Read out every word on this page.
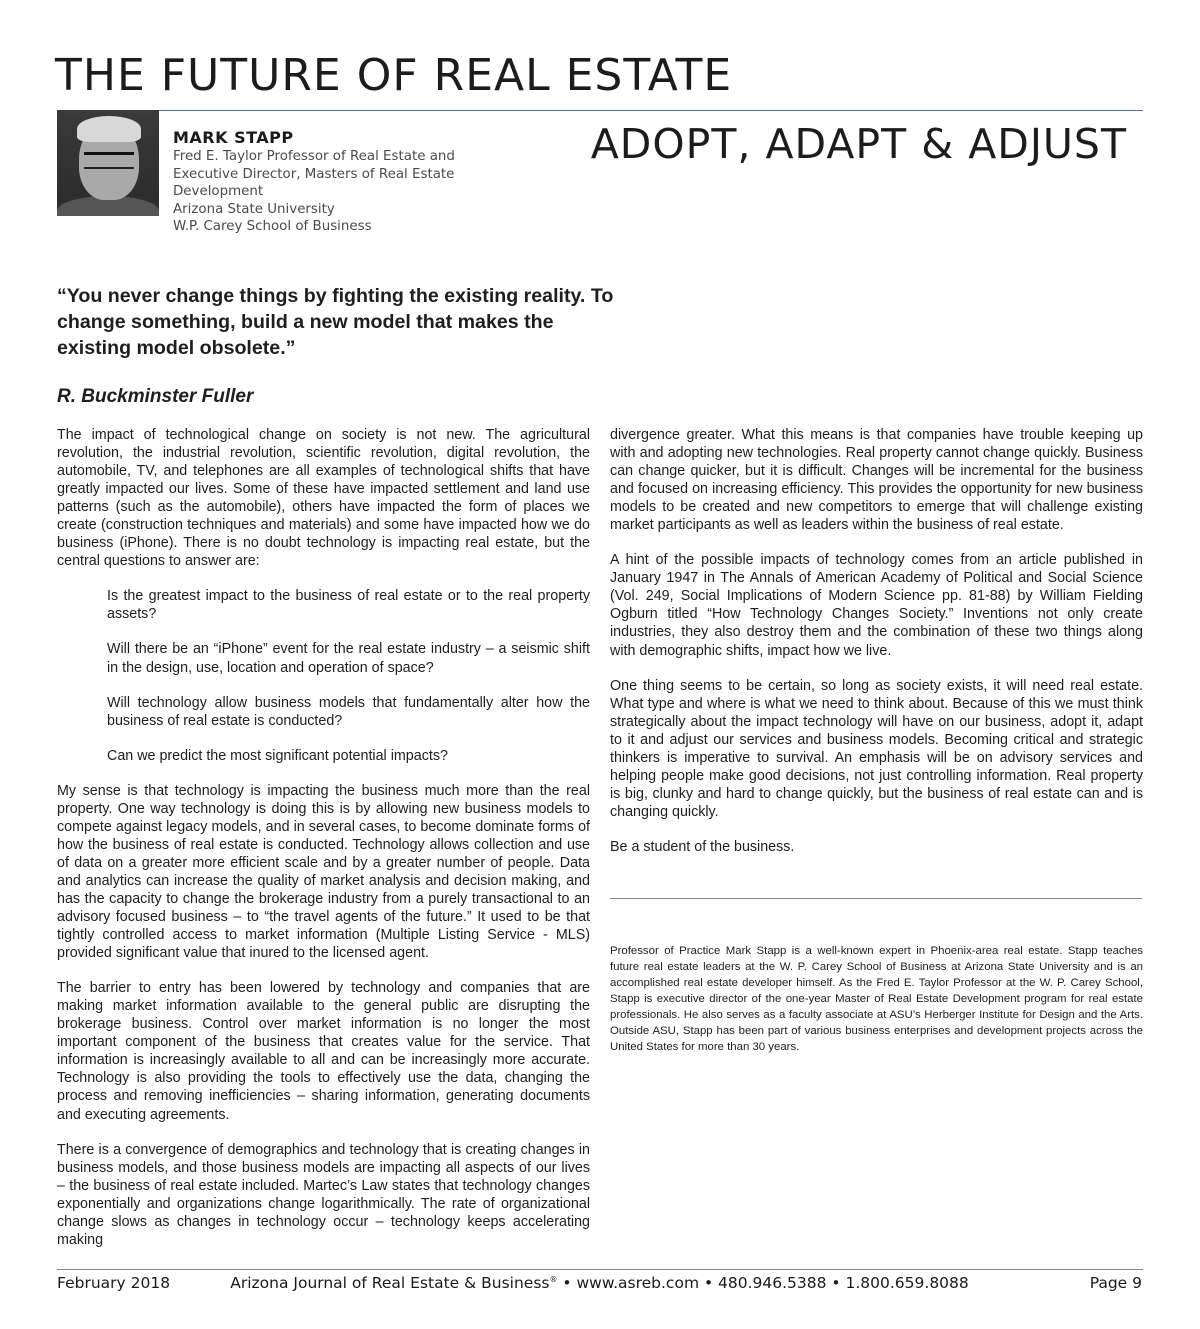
THE FUTURE OF REAL ESTATE
MARK STAPP
Fred E. Taylor Professor of Real Estate and
Executive Director, Masters of Real Estate
Development
Arizona State University
W.P. Carey School of Business
ADOPT, ADAPT & ADJUST
“You never change things by fighting the existing reality. To change something, build a new model that makes the existing model obsolete.”
R. Buckminster Fuller

The impact of technological change on society is not new. The agricultural revolution, the industrial revolution, scientific revolution, digital revolution, the automobile, TV, and telephones are all examples of technological shifts that have greatly impacted our lives. Some of these have impacted settlement and land use patterns (such as the automobile), others have impacted the form of places we create (construction techniques and materials) and some have impacted how we do business (iPhone). There is no doubt technology is impacting real estate, but the central questions to answer are:

Is the greatest impact to the business of real estate or to the real property assets?

Will there be an “iPhone” event for the real estate industry – a seismic shift in the design, use, location and operation of space?

Will technology allow business models that fundamentally alter how the business of real estate is conducted?

Can we predict the most significant potential impacts?

My sense is that technology is impacting the business much more than the real property. One way technology is doing this is by allowing new business models to compete against legacy models, and in several cases, to become dominate forms of how the business of real estate is conducted. Technology allows collection and use of data on a greater more efficient scale and by a greater number of people. Data and analytics can increase the quality of market analysis and decision making, and has the capacity to change the brokerage industry from a purely transactional to an advisory focused business – to “the travel agents of the future.” It used to be that tightly controlled access to market information (Multiple Listing Service - MLS) provided significant value that inured to the licensed agent.

The barrier to entry has been lowered by technology and companies that are making market information available to the general public are disrupting the brokerage business. Control over market information is no longer the most important component of the business that creates value for the service. That information is increasingly available to all and can be increasingly more accurate. Technology is also providing the tools to effectively use the data, changing the process and removing inefficiencies – sharing information, generating documents and executing agreements.

There is a convergence of demographics and technology that is creating changes in business models, and those business models are impacting all aspects of our lives – the business of real estate included. Martec’s Law states that technology changes exponentially and organizations change logarithmically. The rate of organizational change slows as changes in technology occur – technology keeps accelerating making

divergence greater. What this means is that companies have trouble keeping up with and adopting new technologies. Real property cannot change quickly. Business can change quicker, but it is difficult. Changes will be incremental for the business and focused on increasing efficiency. This provides the opportunity for new business models to be created and new competitors to emerge that will challenge existing market participants as well as leaders within the business of real estate.

A hint of the possible impacts of technology comes from an article published in January 1947 in The Annals of American Academy of Political and Social Science (Vol. 249, Social Implications of Modern Science pp. 81-88) by William Fielding Ogburn titled “How Technology Changes Society.” Inventions not only create industries, they also destroy them and the combination of these two things along with demographic shifts, impact how we live.

One thing seems to be certain, so long as society exists, it will need real estate. What type and where is what we need to think about. Because of this we must think strategically about the impact technology will have on our business, adopt it, adapt to it and adjust our services and business models. Becoming critical and strategic thinkers is imperative to survival. An emphasis will be on advisory services and helping people make good decisions, not just controlling information. Real property is big, clunky and hard to change quickly, but the business of real estate can and is changing quickly.

Be a student of the business.

Professor of Practice Mark Stapp is a well-known expert in Phoenix-area real estate. Stapp teaches future real estate leaders at the W. P. Carey School of Business at Arizona State University and is an accomplished real estate developer himself. As the Fred E. Taylor Professor at the W. P. Carey School, Stapp is executive director of the one-year Master of Real Estate Development program for real estate professionals. He also serves as a faculty associate at ASU’s Herberger Institute for Design and the Arts. Outside ASU, Stapp has been part of various business enterprises and development projects across the United States for more than 30 years.

February 2018	Arizona Journal of Real Estate & Business® • www.asreb.com • 480.946.5388 • 1.800.659.8088	Page 9
